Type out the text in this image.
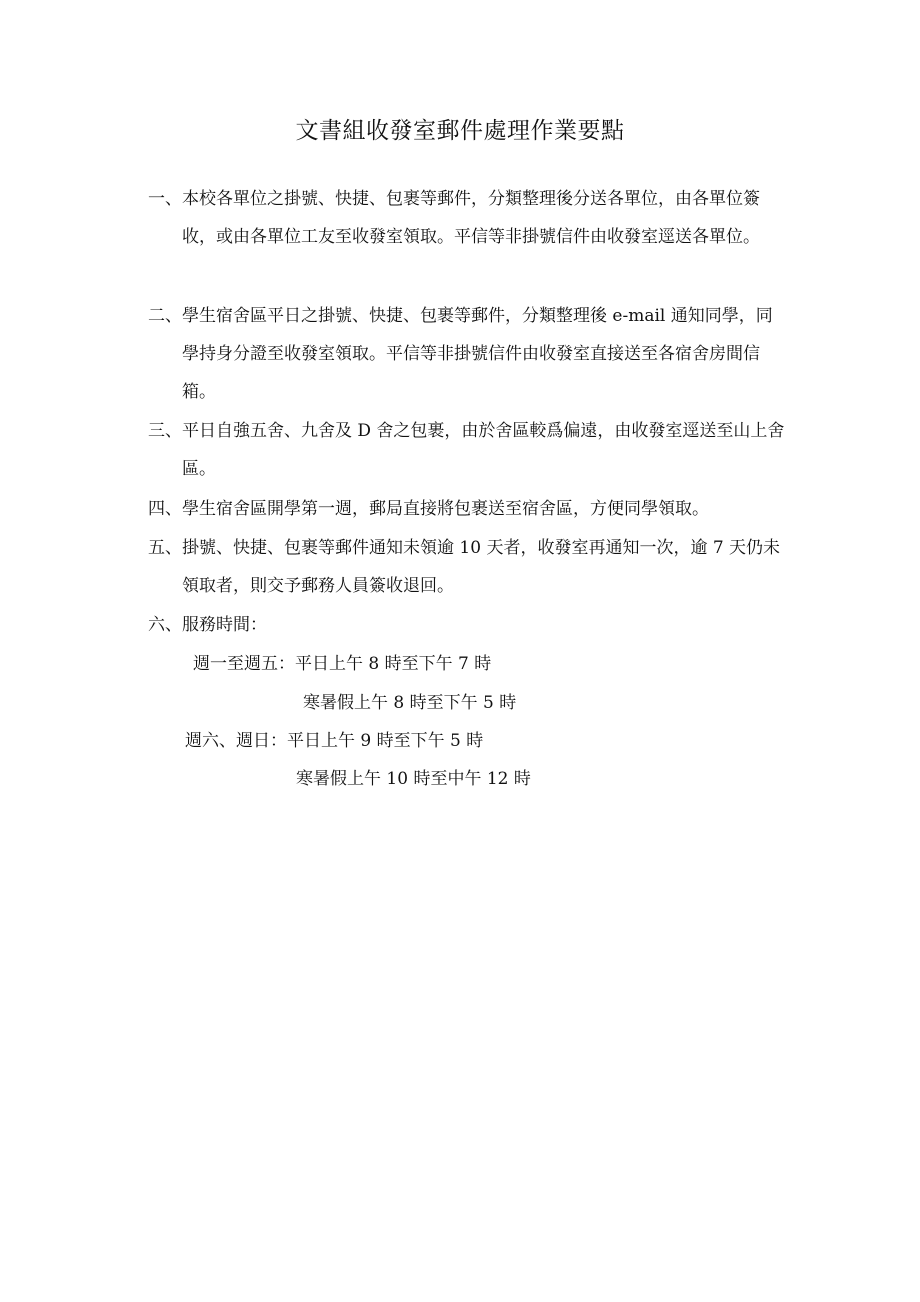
文書組收發室郵件處理作業要點
一、 本校各單位之掛號、快捷、包裹等郵件，分類整理後分送各單位，由各單位簽收，或由各單位工友至收發室領取。平信等非掛號信件由收發室逕送各單位。
二、 學生宿舍區平日之掛號、快捷、包裹等郵件，分類整理後 e-mail 通知同學，同學持身分證至收發室領取。平信等非掛號信件由收發室直接送至各宿舍房間信箱。
三、 平日自強五舍、九舍及 D 舍之包裹，由於舍區較爲偏遠，由收發室逕送至山上舍區。
四、 學生宿舍區開學第一週，郵局直接將包裹送至宿舍區，方便同學領取。
五、 掛號、快捷、包裹等郵件通知未領逾 10 天者，收發室再通知一次，逾 7 天仍未領取者，則交予郵務人員簽收退回。
六、 服務時間：
週一至週五：平日上午 8 時至下午 7 時
寒暑假上午 8 時至下午 5 時
週六、週日：平日上午 9 時至下午 5 時
寒暑假上午 10 時至中午 12 時
